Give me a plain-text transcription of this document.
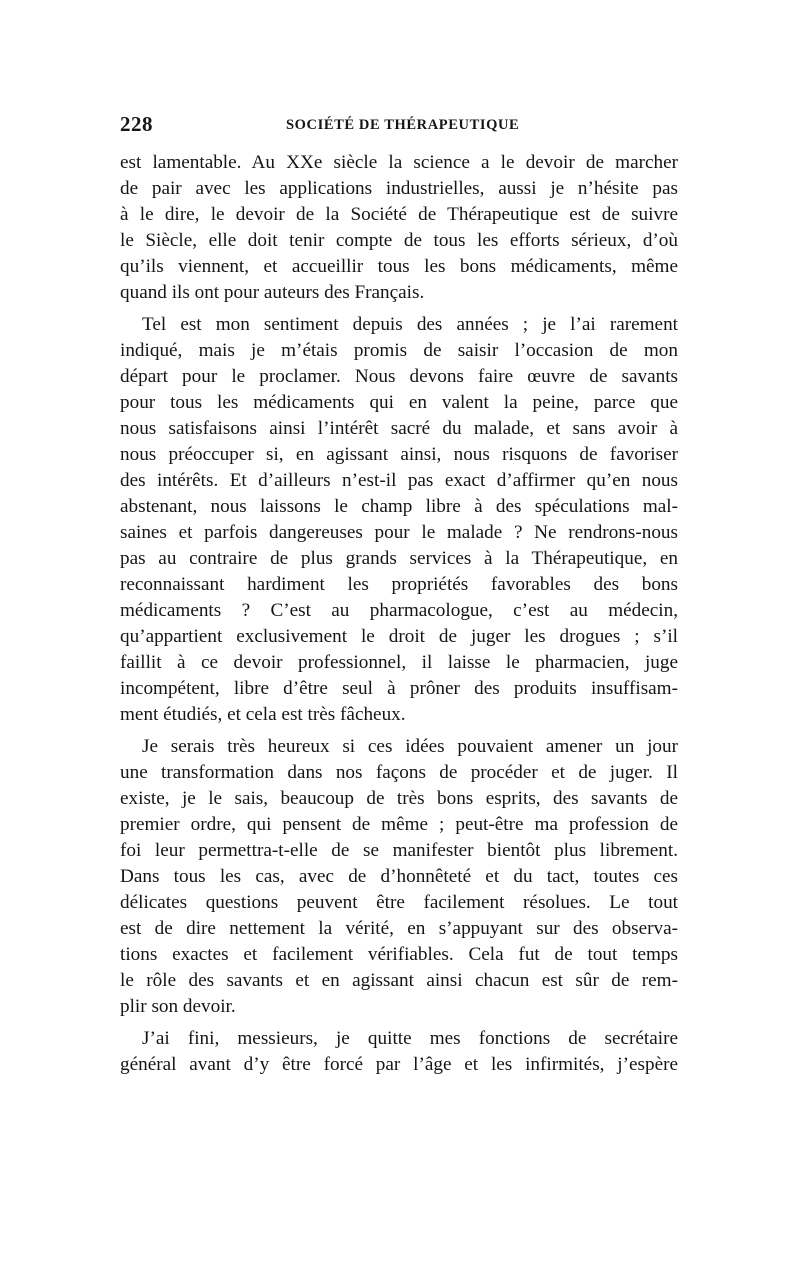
228	SOCIÉTÉ DE THÉRAPEUTIQUE
est lamentable. Au XXe siècle la science a le devoir de marcher
de pair avec les applications industrielles, aussi je n’hésite pas
à le dire, le devoir de la Société de Thérapeutique est de suivre
le Siècle, elle doit tenir compte de tous les efforts sérieux, d’où
qu’ils viennent, et accueillir tous les bons médicaments, même
quand ils ont pour auteurs des Français.
Tel est mon sentiment depuis des années ; je l’ai rarement
indiqué, mais je m’étais promis de saisir l’occasion de mon
départ pour le proclamer. Nous devons faire œuvre de savants
pour tous les médicaments qui en valent la peine, parce que
nous satisfaisons ainsi l’intérêt sacré du malade, et sans avoir à
nous préoccuper si, en agissant ainsi, nous risquons de favoriser
des intérêts. Et d’ailleurs n’est-il pas exact d’affirmer qu’en nous
abstenant, nous laissons le champ libre à des spéculations mal-
saines et parfois dangereuses pour le malade ? Ne rendrons-nous
pas au contraire de plus grands services à la Thérapeutique, en
reconnaissant hardiment les propriétés favorables des bons
médicaments ? C’est au pharmacologue, c’est au médecin,
qu’appartient exclusivement le droit de juger les drogues ; s’il
faillit à ce devoir professionnel, il laisse le pharmacien, juge
incompétent, libre d’être seul à prôner des produits insuffisam-
ment étudiés, et cela est très fâcheux.
Je serais très heureux si ces idées pouvaient amener un jour
une transformation dans nos façons de procéder et de juger. Il
existe, je le sais, beaucoup de très bons esprits, des savants de
premier ordre, qui pensent de même ; peut-être ma profession de
foi leur permettra-t-elle de se manifester bientôt plus librement.
Dans tous les cas, avec de d’honnêteté et du tact, toutes ces
délicates questions peuvent être facilement résolues. Le tout
est de dire nettement la vérité, en s’appuyant sur des observa-
tions exactes et facilement vérifiables. Cela fut de tout temps
le rôle des savants et en agissant ainsi chacun est sûr de rem-
plir son devoir.
J’ai fini, messieurs, je quitte mes fonctions de secrétaire
général avant d’y être forcé par l’âge et les infirmités, j’espère
